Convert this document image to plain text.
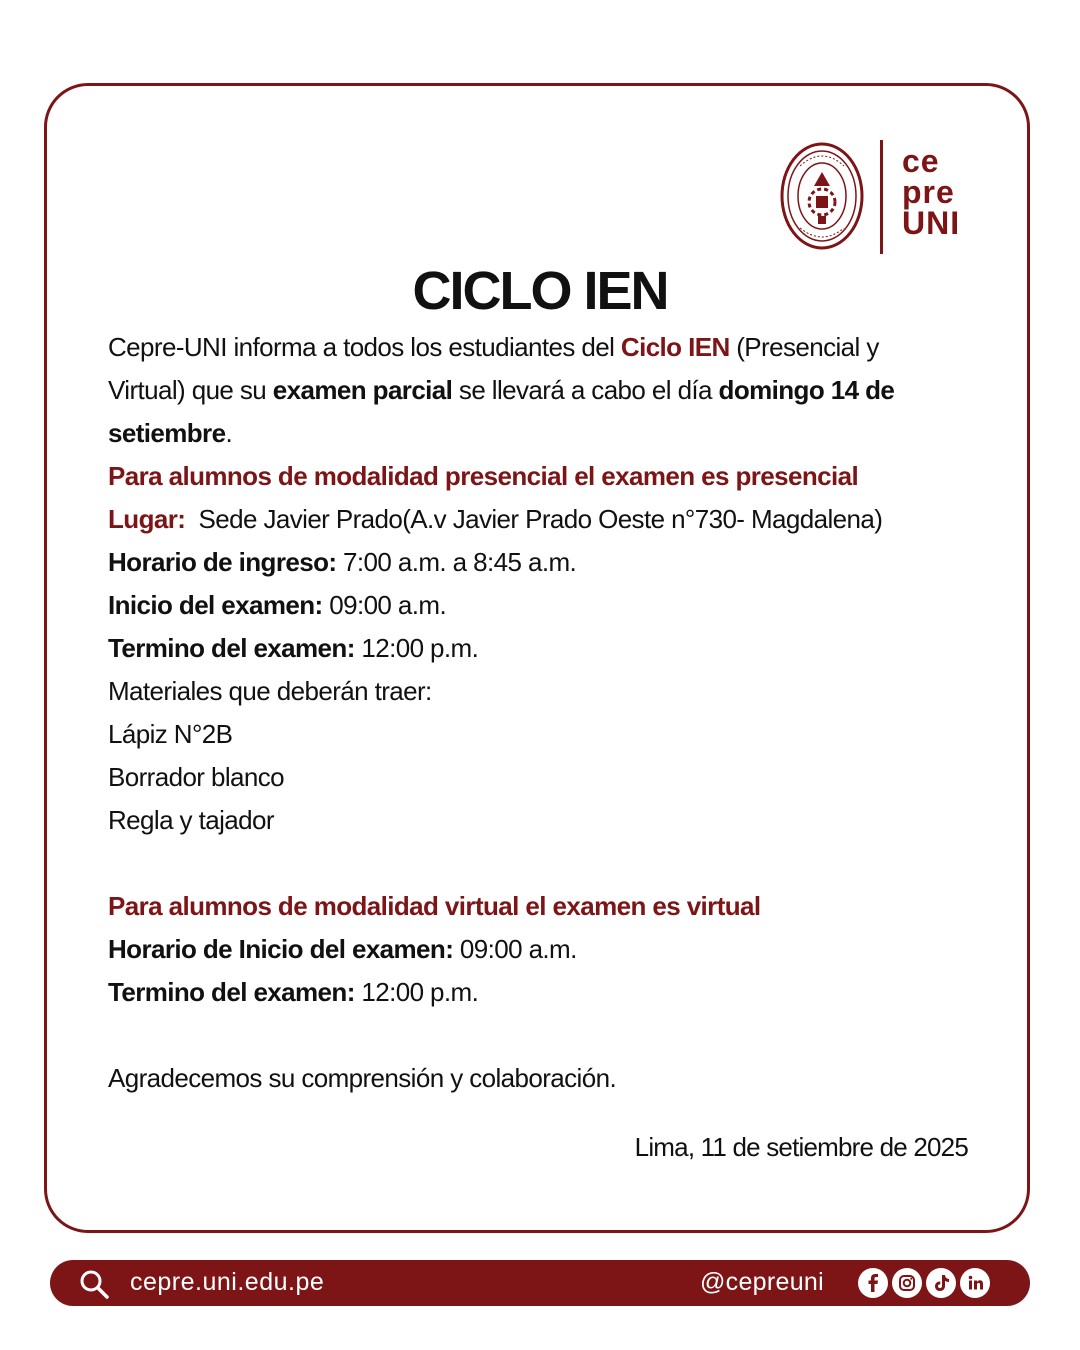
ce
pre
UNI
CICLO IEN
Cepre-UNI informa a todos los estudiantes del Ciclo IEN (Presencial y
Virtual) que su examen parcial se llevará a cabo el día domingo 14 de
setiembre.
Para alumnos de modalidad presencial el examen es presencial
Lugar:  Sede Javier Prado(A.v Javier Prado Oeste n°730- Magdalena)
Horario de ingreso: 7:00 a.m. a 8:45 a.m.
Inicio del examen: 09:00 a.m.
Termino del examen: 12:00 p.m.
Materiales que deberán traer:
Lápiz N°2B
Borrador blanco
Regla y tajador
Para alumnos de modalidad virtual el examen es virtual
Horario de Inicio del examen: 09:00 a.m.
Termino del examen: 12:00 p.m.
Agradecemos su comprensión y colaboración.
Lima, 11 de setiembre de 2025
cepre.uni.edu.pe	@cepreuni
